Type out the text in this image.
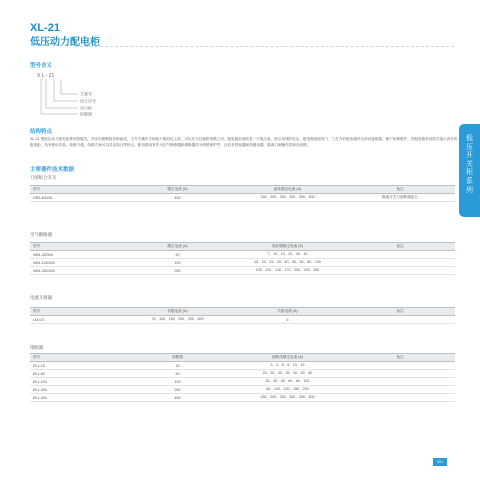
XL-21
低压动力配电柜
型号含义
X L - 21
方案号
设计序号
动力柜
控制器
结构特点
XL-21 型低压动力配电柜系列按键式，外壳用薄钢板弯制而成，刀开关操作手柄装于箱前柱上部，可以作为过载和短路之用，配电箱前面装有一只电压表，指示母线的电压。配电箱前面有门，门打开后配电箱内全部设备都露，便于检修维护。有配电箱采用面式接行设计的配电柜，具有使用安装，检修方便，线路方案可以灵活组合等特点。配电箱用来作为空气断路器和熔断器作为短路保护件，还有有按钮器和热继电器，隔离刀闸操作控制各回路。
主要器件技术数据
刀熔组合开关
型号	额定电流 (A)	熔体额定电流 (A)	备注
HR3-400/34	400	150、200、250、300、350、400	隔离开关与熔断器组合
空气断路器
型号	额定电流 (A)	脱扣器额定电流 (A)	备注
NM1-40/300	20	7、10、15、20、30、40	
NM1-100/300	100	15、20、25、30、40、50、60、80、100	
NM1-250/300	250	100、120、140、170、200、225、250	
电流互感器
型号	初级电流 (A)	次级电流 (A)	备注
LM-0.5	75、100、150、200、300、600	5	
熔断器
型号	熔断器	熔断体额定电流 (A)	备注
RL1-15	15	2、4、5、6、10、15	
RL1-60	60	20、25、30、35、40、50、60	
RL1-100	100	30、40、50、60、80、100	
RL1-200	200	80、100、120、150、200	
RL1-400	400	180、200、250、300、350、400	
低
压
开
关
柜
系
列
001
